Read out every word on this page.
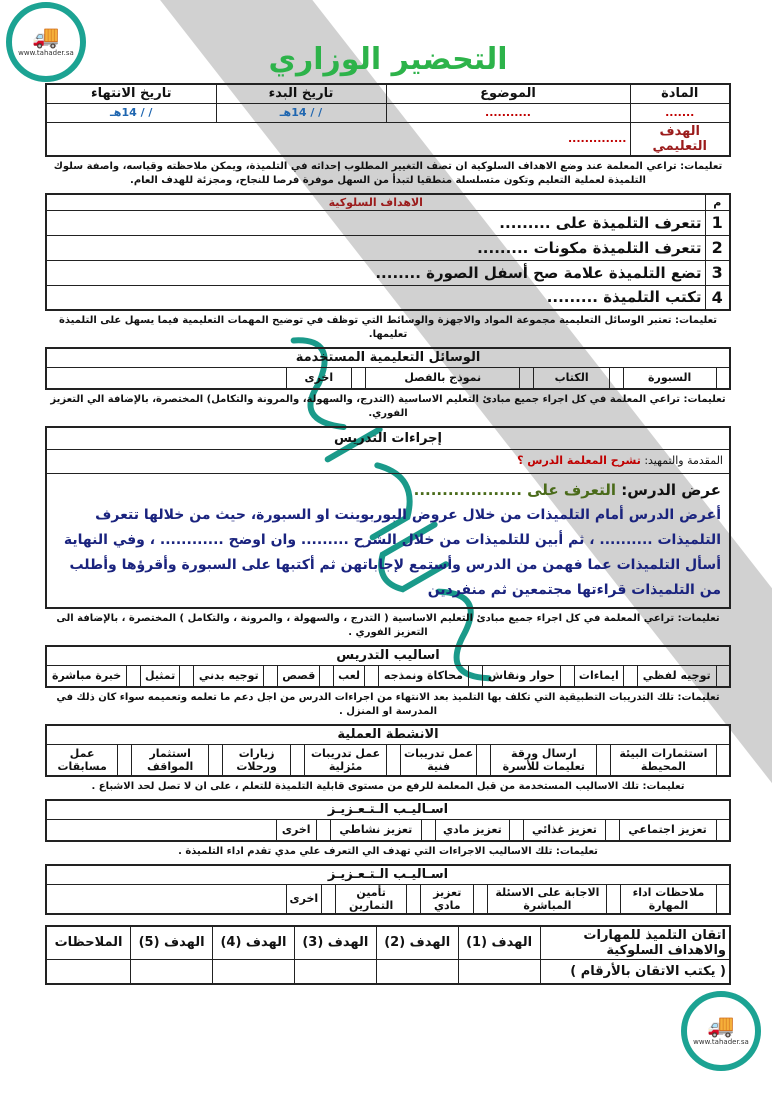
🚚
www.tahader.sa	التحضير الوزاري
المادة	الموضوع	تاريخ البدء	تاريخ الانتهاء
.......	...........	/ / 14هـ	/ / 14هـ
الهدف التعليمي	..............		
تعليمات: تراعي المعلمة عند وضع الاهداف السلوكية ان تصف التغيير المطلوب إحداثه في التلميذة، ويمكن ملاحظته وقياسه، واصفة سلوك التلميذة لعملية التعليم وتكون متسلسلة منطقيا لتبدأ من السهل موفرة فرصا للنجاح، ومجزئة للهدف العام.
م	الاهداف السلوكية
1	تتعرف التلميذة على .........
2	تتعرف التلميذة مكونات .........
3	تضع التلميذة علامة صح أسفل الصورة ........
4	تكتب التلميذة .........
تعليمات: تعتبر الوسائل التعليمية مجموعة المواد والاجهزة والوسائط التي توظف في توضيح المهمات التعليمية فيما يسهل على التلميذة تعليمها.
الوسائل التعليمية المستخدمة
	السبورة		الكتاب		نموذج بالفصل		اخرى	
تعليمات: تراعي المعلمة في كل اجراء جميع مبادئ التعليم الاساسية (التدرج، والسهولة، والمرونة والتكامل) المختصرة، بالإضافة الي التعزيز الفوري.
إجراءات التدريس
المقدمة والتمهيد: تشرح المعلمة الدرس ؟
عرض الدرس: التعرف على ...................
أعرض الدرس أمام التلميذات من خلال عروض البوربوينت او السبورة، حيث من خلالها تتعرف التلميذات .......... ، ثم أبين للتلميذات من خلال الشرح ......... وان اوضح ............ ، وفي النهاية أسأل التلميذات عما فهمن من الدرس وأستمع لإجاباتهن ثم أكتبها على السبورة وأقرؤها وأطلب من التلميذات قراءتها مجتمعين ثم منفردين
تعليمات: تراعي المعلمة في كل اجراء جميع مبادئ التعليم الاساسية ( التدرج ، والسهولة ، والمرونة ، والتكامل ) المختصرة ، بالإضافة الى التعزيز الفوري .
اساليب التدريس
	توجيه لفظي		ايماءات		حوار ونقاش		محاكاة ونمذجه		لعب		قصص		توجيه بدني		تمثيل		خبرة مباشرة
تعليمات: تلك التدريبات التطبيقية التي تكلف بها التلميذ بعد الانتهاء من اجراءات الدرس من اجل دعم ما تعلمه وتعميمه سواء كان ذلك في المدرسة او المنزل .
الانشطة العملية
	استثمارات البيئة المحيطة		ارسال ورقة تعليمات للأسرة		عمل تدريبات فنية		عمل تدريبات مئزلية		زيارات ورحلات		استثمار المواقف		عمل مسابقات
تعليمات: تلك الاساليب المستخدمة من قبل المعلمة للرفع من مستوى قابلية التلميذة للتعلم ، على ان لا تصل لحد الاشباع .
اسـاليـب الـتـعـزيـز
	تعزيز اجتماعي		تعزيز غذائي		تعزيز مادي		تعزيز نشاطي		اخرى	
تعليمات: تلك الاساليب الاجراءات التي تهدف الي التعرف علي مدي تقدم اداء التلميذة .
اسـاليـب الـتـعـزيـز
	ملاحظات اداء المهارة		الاجابة على الاسئلة المباشرة		تعزيز مادي		تأمين التمارين		اخرى	
اتقان التلميذ للمهارات والاهداف السلوكية	الهدف (1)	الهدف (2)	الهدف (3)	الهدف (4)	الهدف (5)	الملاحظات
( يكتب الاتقان بالأرقام )						
🚚
www.tahader.sa
